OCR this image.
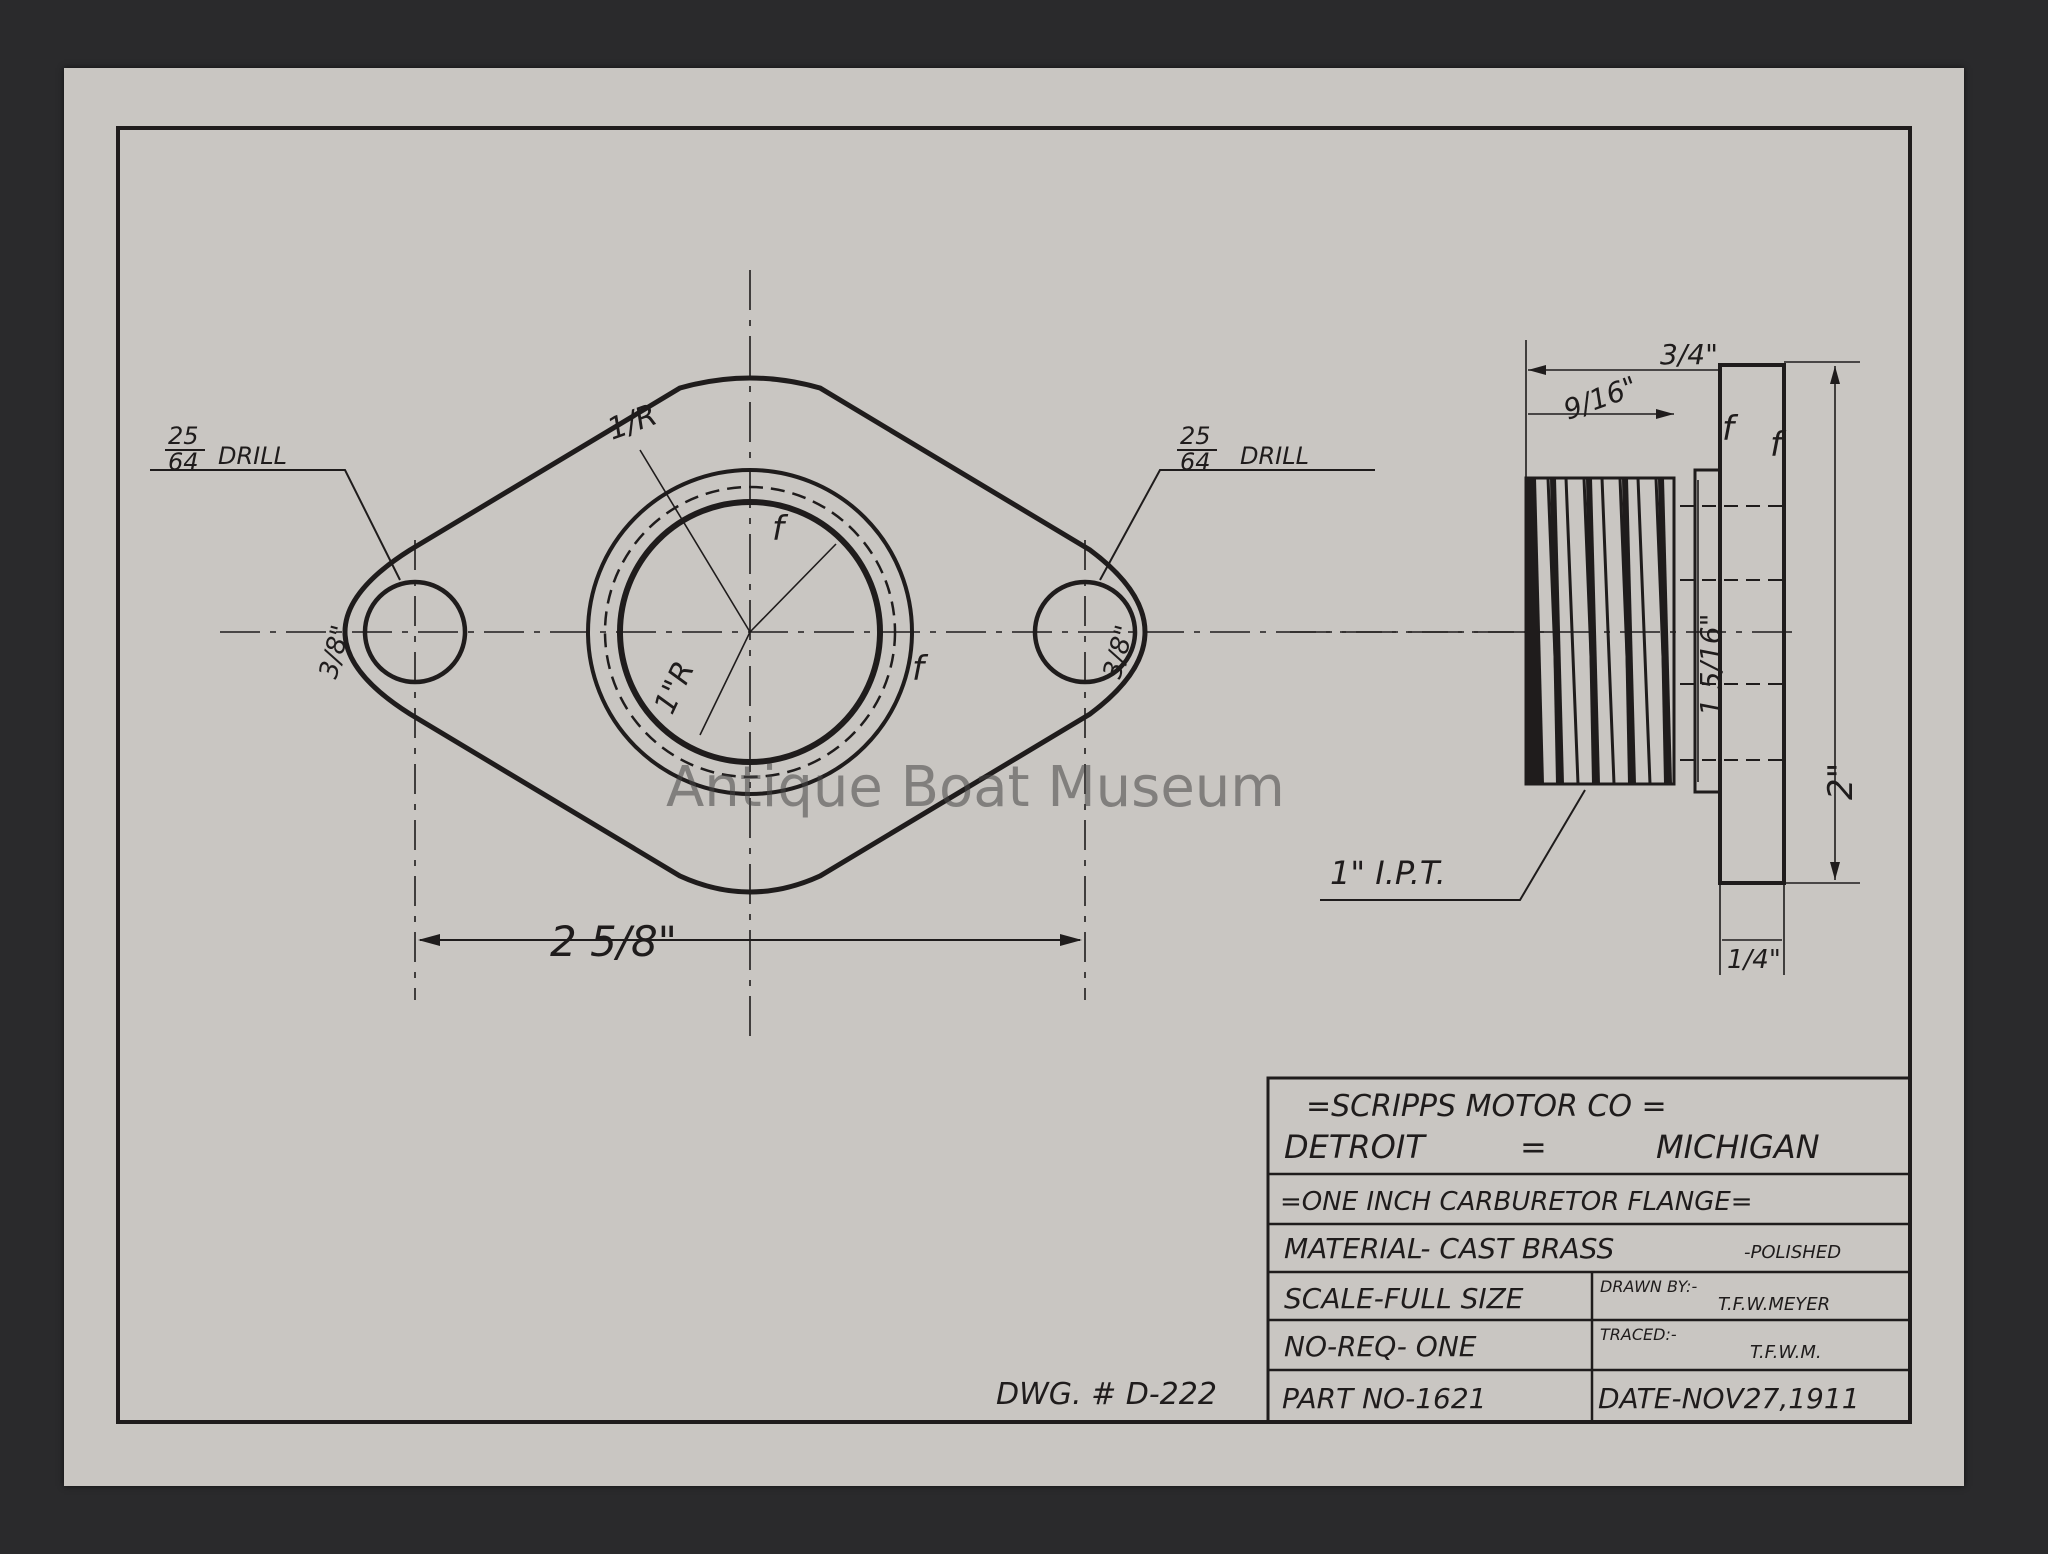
25
64 DRILL
25
64 DRILL
1/R
1"R
3/8"	3/8"
f
f
2 5/8"
3/4"
9/16"
f f
1 5/16"
2"
1/4"
1" I.P.T.
=SCRIPPS MOTOR CO =
DETROIT	=	MICHIGAN
=ONE INCH CARBURETOR FLANGE=
MATERIAL- CAST BRASS	-POLISHED
SCALE-FULL SIZE	DRAWN BY:-
T.F.W.MEYER
NO-REQ- ONE	TRACED:-
T.F.W.M.
PART NO-1621	DATE-NOV27,1911
DWG. # D-222
Antique Boat Museum
